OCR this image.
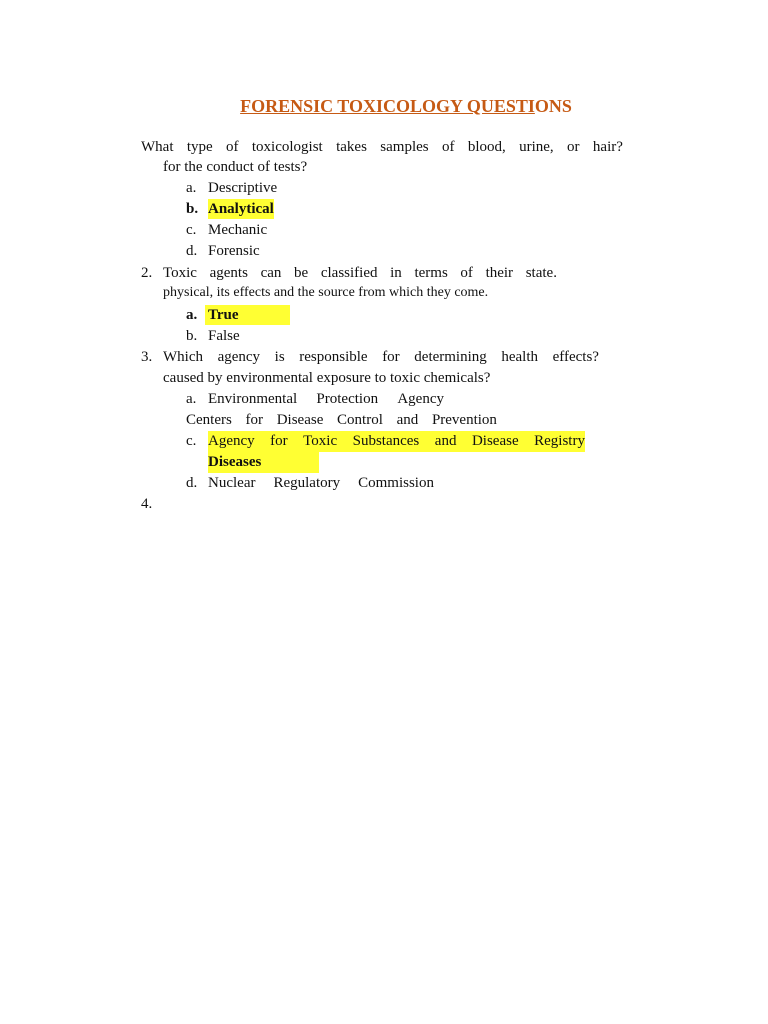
FORENSIC TOXICOLOGY QUESTIONS
What type of toxicologist takes samples of blood, urine, or hair?
for the conduct of tests?
a. Descriptive
b. Analytical
c. Mechanic
d. Forensic
2. Toxic agents can be classified in terms of their state.
physical, its effects and the source from which they come.
a. True
b. False
3. Which agency is responsible for determining health effects?
caused by environmental exposure to toxic chemicals?
a. Environmental Protection Agency
Centers for Disease Control and Prevention
c. Agency for Toxic Substances and Disease Registry
Diseases
d. Nuclear Regulatory Commission
4.
